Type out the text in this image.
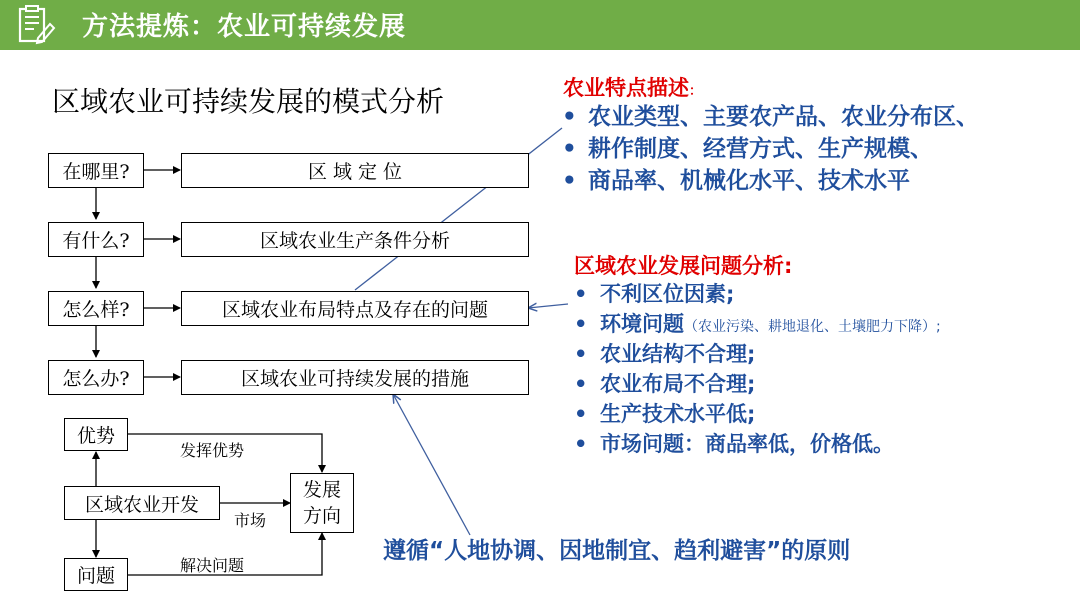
方法提炼：农业可持续发展
区域农业可持续发展的模式分析
在哪里?
有什么?
怎么样?
怎么办?
区 域 定 位
区域农业生产条件分析
区域农业布局特点及存在的问题
区域农业可持续发展的措施
优势
区域农业开发
问题
发展方向
发挥优势
市场
解决问题
农业特点描述：
• 农业类型、主要农产品、农业分布区、
• 耕作制度、经营方式、生产规模、
• 商品率、机械化水平、技术水平
区域农业发展问题分析:
• 不利区位因素;
• 环境问题（农业污染、耕地退化、土壤肥力下降）;
• 农业结构不合理;
• 农业布局不合理;
• 生产技术水平低;
• 市场问题：商品率低，价格低。
遵循“人地协调、因地制宜、趋利避害”的原则
